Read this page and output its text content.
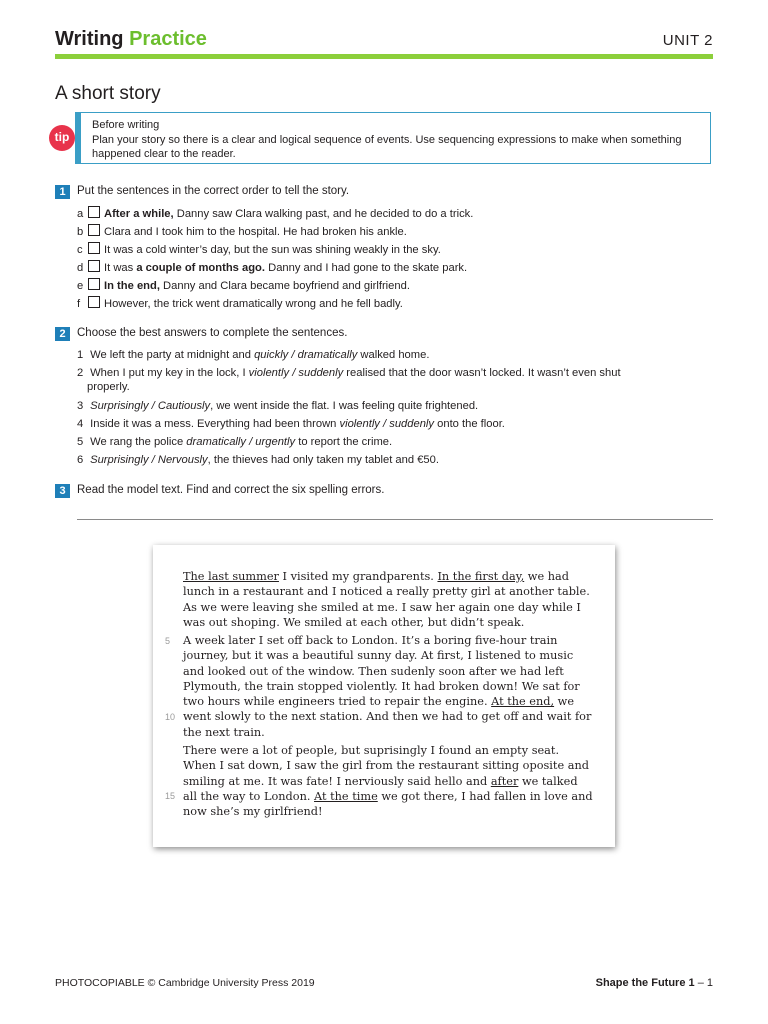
Writing Practice	UNIT 2
A short story
tip
Before writing
Plan your story so there is a clear and logical sequence of events. Use sequencing expressions to make when something happened clear to the reader.
1 Put the sentences in the correct order to tell the story.
a After a while, Danny saw Clara walking past, and he decided to do a trick.
b Clara and I took him to the hospital. He had broken his ankle.
c It was a cold winter’s day, but the sun was shining weakly in the sky.
d It was a couple of months ago. Danny and I had gone to the skate park.
e In the end, Danny and Clara became boyfriend and girlfriend.
f However, the trick went dramatically wrong and he fell badly.
2 Choose the best answers to complete the sentences.
1 We left the party at midnight and quickly / dramatically walked home.
2 When I put my key in the lock, I violently / suddenly realised that the door wasn’t locked. It wasn’t even shut
properly.
3 Surprisingly / Cautiously, we went inside the flat. I was feeling quite frightened.
4 Inside it was a mess. Everything had been thrown violently / suddenly onto the floor.
5 We rang the police dramatically / urgently to report the crime.
6 Surprisingly / Nervously, the thieves had only taken my tablet and €50.
3 Read the model text. Find and correct the six spelling errors.
The last summer I visited my grandparents. In the first day, we had lunch in a restaurant and I noticed a really pretty girl at another table. As we were leaving she smiled at me. I saw her again one day while I was out shoping. We smiled at each other, but didn’t speak.
A week later I set off back to London. It’s a boring five-hour train journey, but it was a beautiful sunny day. At first, I listened to music and looked out of the window. Then sudenly soon after we had left Plymouth, the train stopped violently. It had broken down! We sat for two hours while engineers tried to repair the engine. At the end, we went slowly to the next station. And then we had to get off and wait for the next train.
There were a lot of people, but suprisingly I found an empty seat. When I sat down, I saw the girl from the restaurant sitting oposite and smiling at me. It was fate! I nerviously said hello and after we talked all the way to London. At the time we got there, I had fallen in love and now she’s my girlfriend!
5
10
15
PHOTOCOPIABLE © Cambridge University Press 2019	Shape the Future 1 – 1
